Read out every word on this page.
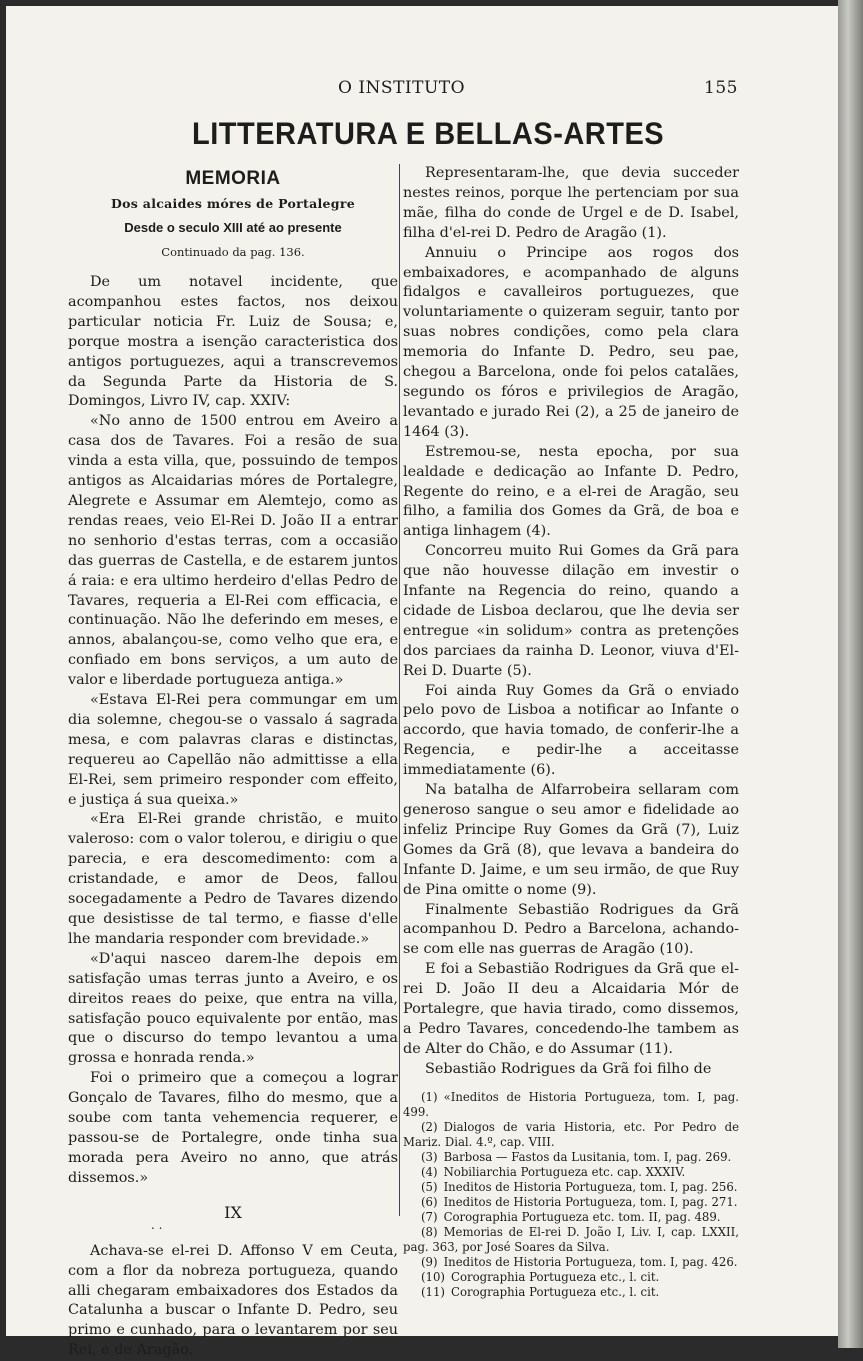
O INSTITUTO	155
LITTERATURA E BELLAS-ARTES
MEMORIA
Dos alcaides móres de Portalegre
Desde o seculo XIII até ao presente
Continuado da pag. 136.

De um notavel incidente, que acompanhou estes factos, nos deixou particular noticia Fr. Luiz de Sousa; e, porque mostra a isenção caracteristica dos antigos portuguezes, aqui a transcrevemos da Segunda Parte da Historia de S. Domingos, Livro IV, cap. XXIV:

«No anno de 1500 entrou em Aveiro a casa dos de Tavares. Foi a resão de sua vinda a esta villa, que, possuindo de tempos antigos as Alcaidarias móres de Portalegre, Alegrete e Assumar em Alemtejo, como as rendas reaes, veio El-Rei D. João II a entrar no senhorio d'estas terras, com a occasião das guerras de Castella, e de estarem juntos á raia: e era ultimo herdeiro d'ellas Pedro de Tavares, requeria a El-Rei com efficacia, e continuação. Não lhe deferindo em meses, e annos, abalançou-se, como velho que era, e confiado em bons serviços, a um auto de valor e liberdade portugueza antiga.»

«Estava El-Rei pera commungar em um dia solemne, chegou-se o vassalo á sagrada mesa, e com palavras claras e distinctas, requereu ao Capellão não admittisse a ella El-Rei, sem primeiro responder com effeito, e justiça á sua queixa.»

«Era El-Rei grande christão, e muito valeroso: com o valor tolerou, e dirigiu o que parecia, e era descomedimento: com a cristandade, e amor de Deos, fallou socegadamente a Pedro de Tavares dizendo que desistisse de tal termo, e fiasse d'elle lhe mandaria responder com brevidade.»

«D'aqui nasceo darem-lhe depois em satisfação umas terras junto a Aveiro, e os direitos reaes do peixe, que entra na villa, satisfação pouco equivalente por então, mas que o discurso do tempo levantou a uma grossa e honrada renda.»

Foi o primeiro que a começou a lograr Gonçalo de Tavares, filho do mesmo, que a soube com tanta vehemencia requerer, e passou-se de Portalegre, onde tinha sua morada pera Aveiro no anno, que atrás dissemos.»

IX

Achava-se el-rei D. Affonso V em Ceuta, com a flor da nobreza portugueza, quando alli chegaram embaixadores dos Estados da Catalunha a buscar o Infante D. Pedro, seu primo e cunhado, para o levantarem por seu Rei, e de Aragão.

Representaram-lhe, que devia succeder nestes reinos, porque lhe pertenciam por sua mãe, filha do conde de Urgel e de D. Isabel, filha d'el-rei D. Pedro de Aragão (1).

Annuiu o Principe aos rogos dos embaixadores, e acompanhado de alguns fidalgos e cavalleiros portuguezes, que voluntariamente o quizeram seguir, tanto por suas nobres condições, como pela clara memoria do Infante D. Pedro, seu pae, chegou a Barcelona, onde foi pelos catalães, segundo os fóros e privilegios de Aragão, levantado e jurado Rei (2), a 25 de janeiro de 1464 (3).

Estremou-se, nesta epocha, por sua lealdade e dedicação ao Infante D. Pedro, Regente do reino, e a el-rei de Aragão, seu filho, a familia dos Gomes da Grã, de boa e antiga linhagem (4).

Concorreu muito Rui Gomes da Grã para que não houvesse dilação em investir o Infante na Regencia do reino, quando a cidade de Lisboa declarou, que lhe devia ser entregue «in solidum» contra as pretenções dos parciaes da rainha D. Leonor, viuva d'El-Rei D. Duarte (5).

Foi ainda Ruy Gomes da Grã o enviado pelo povo de Lisboa a notificar ao Infante o accordo, que havia tomado, de conferir-lhe a Regencia, e pedir-lhe a acceitasse immediatamente (6).

Na batalha de Alfarrobeira sellaram com generoso sangue o seu amor e fidelidade ao infeliz Principe Ruy Gomes da Grã (7), Luiz Gomes da Grã (8), que levava a bandeira do Infante D. Jaime, e um seu irmão, de que Ruy de Pina omitte o nome (9).

Finalmente Sebastião Rodrigues da Grã acompanhou D. Pedro a Barcelona, achando-se com elle nas guerras de Aragão (10).

E foi a Sebastião Rodrigues da Grã que el-rei D. João II deu a Alcaidaria Mór de Portalegre, que havia tirado, como dissemos, a Pedro Tavares, concedendo-lhe tambem as de Alter do Chão, e do Assumar (11).

Sebastião Rodrigues da Grã foi filho de

(1) «Ineditos de Historia Portugueza, tom. I, pag. 499.

(2) Dialogos de varia Historia, etc. Por Pedro de Mariz. Dial. 4.º, cap. VIII.

(3) Barbosa — Fastos da Lusitania, tom. I, pag. 269.

(4) Nobiliarchia Portugueza etc. cap. XXXIV.

(5) Ineditos de Historia Portugueza, tom. I, pag. 256.

(6) Ineditos de Historia Portugueza, tom. I, pag. 271.

(7) Corographia Portugueza etc. tom. II, pag. 489.

(8) Memorias de El-rei D. João I, Liv. I, cap. LXXII, pag. 363, por José Soares da Silva.

(9) Ineditos de Historia Portugueza, tom. I, pag. 426.

(10) Corographia Portugueza etc., l. cit.

(11) Corographia Portugueza etc., l. cit.

. .
